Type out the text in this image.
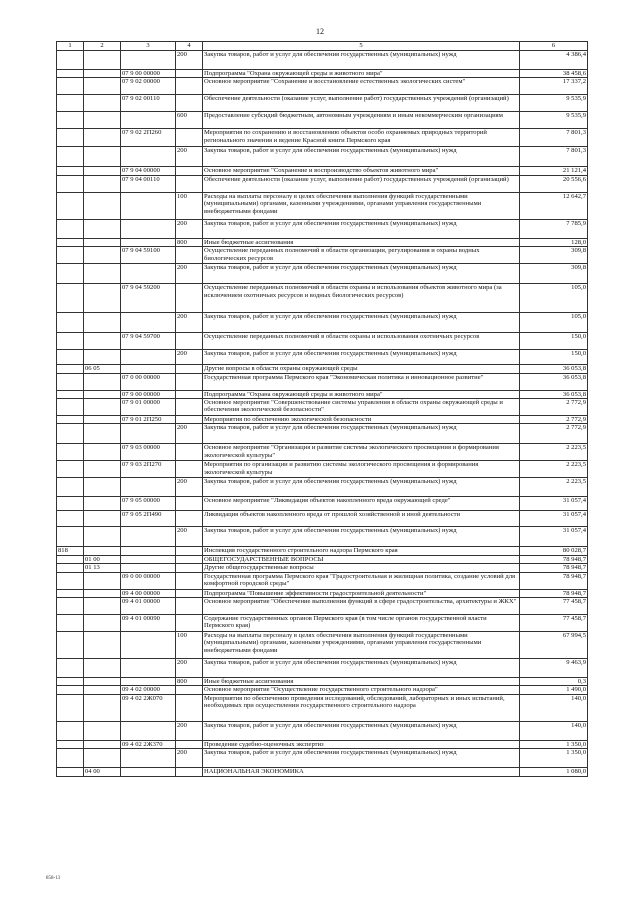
12
1	2	3	4	5	6
			200	Закупка товаров, работ и услуг для обеспечения государственных (муниципальных) нужд	4 386,4
		07 9 00 00000		Подпрограмма "Охрана окружающей среды и животного мира"	38 458,6
		07 9 02 00000		Основное мероприятие "Сохранение и восстановление естественных экологических систем"	17 337,2
		07 9 02 00110		Обеспечение деятельности (оказание услуг, выполнение работ) государственных учреждений (организаций)	9 535,9
			600	Предоставление субсидий бюджетным, автономным учреждениям и иным некоммерческим организациям	9 535,9
		07 9 02 2П260		Мероприятия по сохранению и восстановлению объектов особо охраняемых природных территорий регионального значения и ведение Красной книги Пермского края	7 801,3
			200	Закупка товаров, работ и услуг для обеспечения государственных (муниципальных) нужд	7 801,3
		07 9 04 00000		Основное мероприятие "Сохранение и воспроизводство объектов животного мира"	21 121,4
		07 9 04 00110		Обеспечение деятельности (оказание услуг, выполнение работ) государственных учреждений (организаций)	20 556,6
			100	Расходы на выплаты персоналу в целях обеспечения выполнения функций государственными (муниципальными) органами, казенными учреждениями, органами управления государственными внебюджетными фондами	12 642,7
			200	Закупка товаров, работ и услуг для обеспечения государственных (муниципальных) нужд	7 785,9
			800	Иные бюджетные ассигнования	128,0
		07 9 04 59100		Осуществление переданных полномочий в области организации, регулирования и охраны водных биологических ресурсов	309,8
			200	Закупка товаров, работ и услуг для обеспечения государственных (муниципальных) нужд	309,8
		07 9 04 59200		Осуществление переданных полномочий в области охраны и использования объектов животного мира (за исключением охотничьих ресурсов и водных биологических ресурсов)	105,0
			200	Закупка товаров, работ и услуг для обеспечения государственных (муниципальных) нужд	105,0
		07 9 04 59700		Осуществление переданных полномочий в области охраны и использования охотничьих ресурсов	150,0
			200	Закупка товаров, работ и услуг для обеспечения государственных (муниципальных) нужд	150,0
	06 05			Другие вопросы в области охраны окружающей среды	36 053,8
		07 0 00 00000		Государственная программа Пермского края "Экономическая политика и инновационное развитие"	36 053,8
		07 9 00 00000		Подпрограмма "Охрана окружающей среды и животного мира"	36 053,8
		07 9 01 00000		Основное мероприятие "Совершенствование системы управления в области охраны окружающей среды и обеспечения экологической безопасности"	2 772,9
		07 9 01 2П250		Мероприятия по обеспечению экологической безопасности	2 772,9
			200	Закупка товаров, работ и услуг для обеспечения государственных (муниципальных) нужд	2 772,9
		07 9 03 00000		Основное мероприятие "Организация и развитие системы экологического просвещения и формирования экологической культуры"	2 223,5
		07 9 03 2П270		Мероприятия по организации и развитию системы экологического просвещения и формирования экологической культуры	2 223,5
			200	Закупка товаров, работ и услуг для обеспечения государственных (муниципальных) нужд	2 223,5
		07 9 05 00000		Основное мероприятие "Ликвидация объектов накопленного вреда окружающей среде"	31 057,4
		07 9 05 2П490		Ликвидация объектов накопленного вреда от прошлой хозяйственной и иной деятельности	31 057,4
			200	Закупка товаров, работ и услуг для обеспечения государственных (муниципальных) нужд	31 057,4
818				Инспекция государственного строительного надзора Пермского края	80 028,7
	01 00			ОБЩЕГОСУДАРСТВЕННЫЕ ВОПРОСЫ	78 948,7
	01 13			Другие общегосударственные вопросы	78 948,7
		09 0 00 00000		Государственная программа Пермского края "Градостроительная и жилищная политика, создание условий для комфортной городской среды"	78 948,7
		09 4 00 00000		Подпрограмма "Повышение эффективности градостроительной деятельности"	78 948,7
		09 4 01 00000		Основное мероприятие "Обеспечение выполнения функций в сфере градостроительства, архитектуры и ЖКХ"	77 458,7
		09 4 01 00090		Содержание государственных органов Пермского края (в том числе органов государственной власти Пермского края)	77 458,7
			100	Расходы на выплаты персоналу в целях обеспечения выполнения функций государственными (муниципальными) органами, казенными учреждениями, органами управления государственными внебюджетными фондами	67 994,5
			200	Закупка товаров, работ и услуг для обеспечения государственных (муниципальных) нужд	9 463,9
			800	Иные бюджетные ассигнования	0,3
		09 4 02 00000		Основное мероприятие "Осуществление государственного строительного надзора"	1 490,0
		09 4 02 2Ж070		Мероприятия по обеспечению проведения исследований, обследований, лабораторных и иных испытаний, необходимых при осуществлении государственного строительного надзора	140,0
			200	Закупка товаров, работ и услуг для обеспечения государственных (муниципальных) нужд	140,0
		09 4 02 2Ж370		Проведение судебно-оценочных экспертиз	1 350,0
			200	Закупка товаров, работ и услуг для обеспечения государственных (муниципальных) нужд	1 350,0
	04 00			НАЦИОНАЛЬНАЯ ЭКОНОМИКА	1 080,0
858-13
